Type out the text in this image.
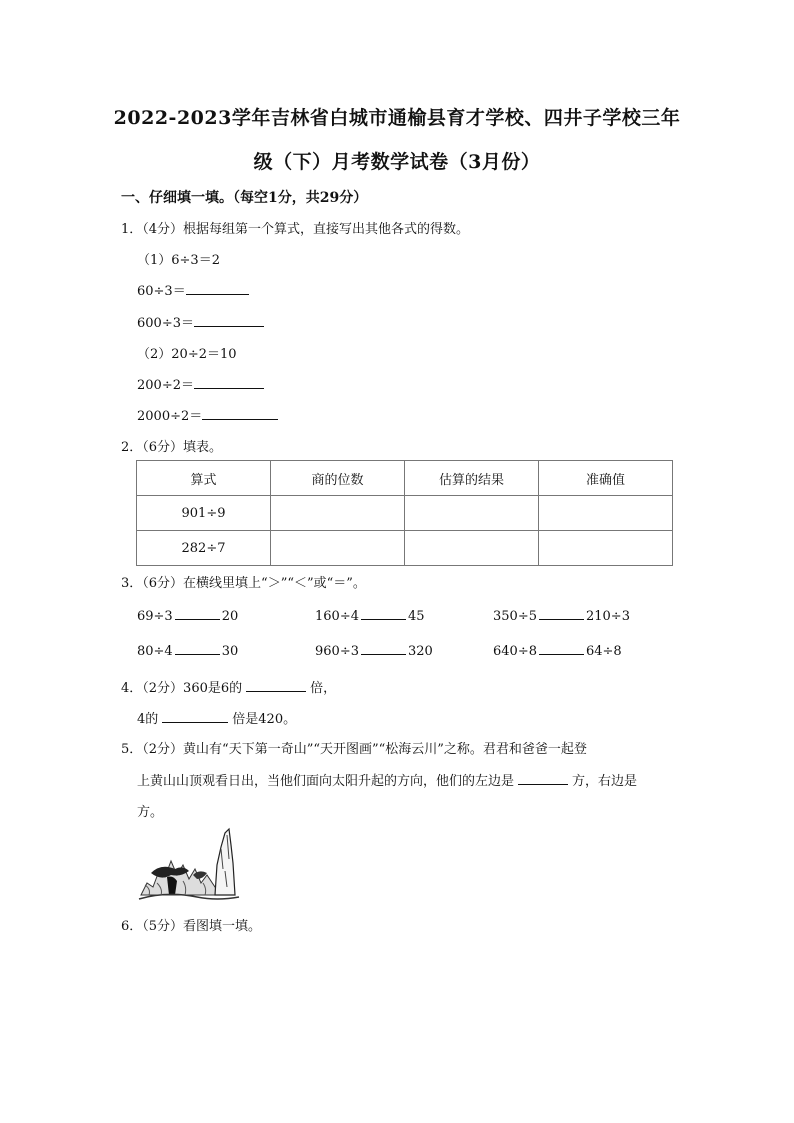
2022-2023学年吉林省白城市通榆县育才学校、四井子学校三年
级（下）月考数学试卷（3月份）
一、仔细填一填。（每空1分，共29分）
1．（4分）根据每组第一个算式，直接写出其他各式的得数。
（1）6÷3＝2
60÷3＝
600÷3＝
（2）20÷2＝10
200÷2＝
2000÷2＝
2．（6分）填表。
算式	商的位数	估算的结果	准确值
901÷9			
282÷7			
3．（6分）在横线里填上“＞”“＜”或“＝”。
69÷3	20	160÷4	45	350÷5	210÷3
80÷4	30	960÷3	320	640÷8	64÷8
4．（2分）360是6的	倍，
4的	倍是420。
5．（2分）黄山有“天下第一奇山”“天开图画”“松海云川”之称。君君和爸爸一起登
上黄山山顶观看日出，当他们面向太阳升起的方向，他们的左边是	方，右边是
方。
6．（5分）看图填一填。
